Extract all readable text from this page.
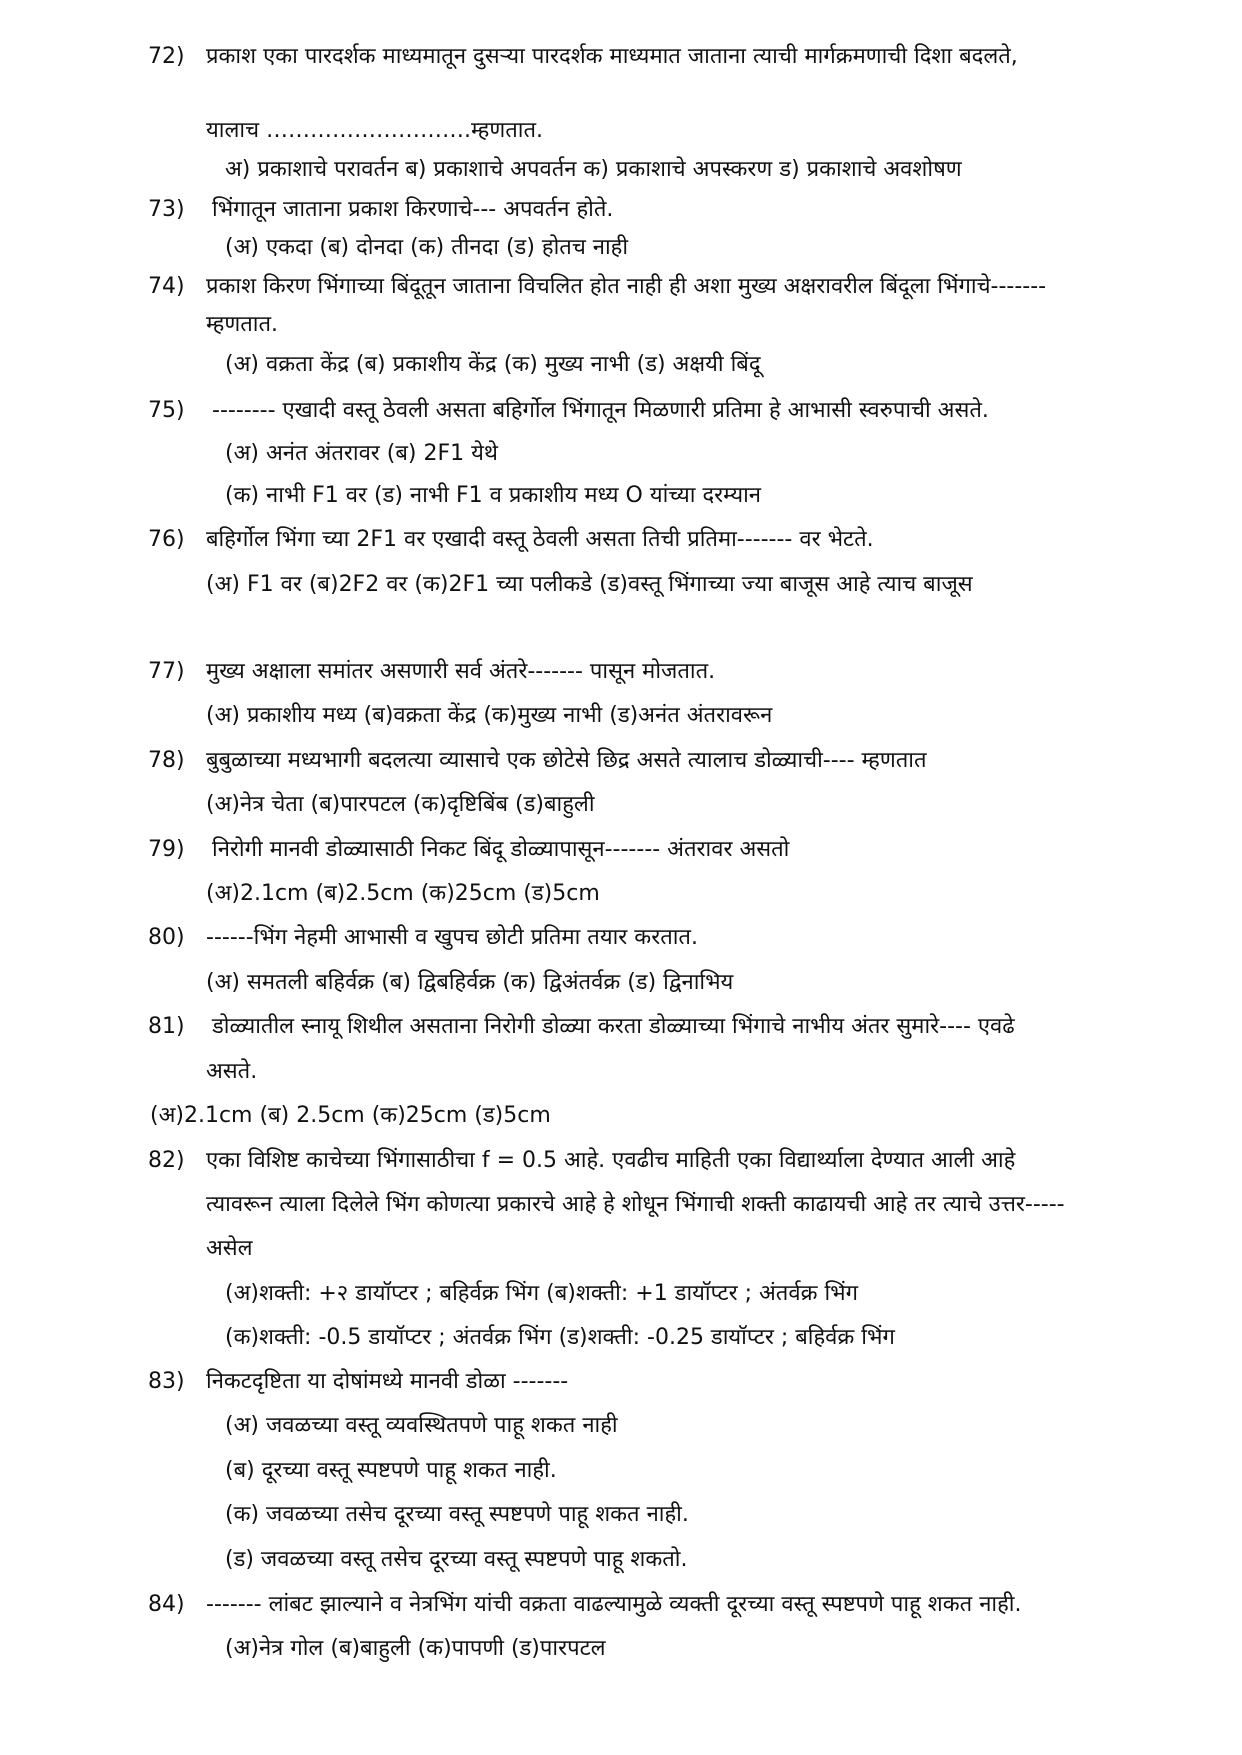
72) प्रकाश एका पारदर्शक माध्यमातून दुसऱ्या पारदर्शक माध्यमात जाताना त्याची मार्गक्रमणाची दिशा बदलते,
यालाच ……………………….म्हणतात.
अ) प्रकाशाचे परावर्तन ब) प्रकाशाचे अपवर्तन क) प्रकाशाचे अपस्करण ड) प्रकाशाचे अवशोषण
73) भिंगातून जाताना प्रकाश किरणाचे--- अपवर्तन होते.
(अ) एकदा (ब) दोनदा (क) तीनदा (ड) होतच नाही
74) प्रकाश किरण भिंगाच्या बिंदूतून जाताना विचलित होत नाही ही अशा मुख्य अक्षरावरील बिंदूला भिंगाचे-------
म्हणतात.
(अ) वक्रता केंद्र (ब) प्रकाशीय केंद्र (क) मुख्य नाभी (ड) अक्षयी बिंदू
75) -------- एखादी वस्तू ठेवली असता बहिर्गोल भिंगातून मिळणारी प्रतिमा हे आभासी स्वरुपाची असते.
(अ) अनंत अंतरावर (ब) 2F1 येथे
(क) नाभी F1 वर (ड) नाभी F1 व प्रकाशीय मध्य O यांच्या दरम्यान
76) बहिर्गोल भिंगा च्या 2F1 वर एखादी वस्तू ठेवली असता तिची प्रतिमा------- वर भेटते.
(अ) F1 वर (ब)2F2 वर (क)2F1 च्या पलीकडे (ड)वस्तू भिंगाच्या ज्या बाजूस आहे त्याच बाजूस
77) मुख्य अक्षाला समांतर असणारी सर्व अंतरे------- पासून मोजतात.
(अ) प्रकाशीय मध्य (ब)वक्रता केंद्र (क)मुख्य नाभी (ड)अनंत अंतरावरून
78) बुबुळाच्या मध्यभागी बदलत्या व्यासाचे एक छोटेसे छिद्र असते त्यालाच डोळ्याची---- म्हणतात
(अ)नेत्र चेता (ब)पारपटल (क)दृष्टिबिंब (ड)बाहुली
79) निरोगी मानवी डोळ्यासाठी निकट बिंदू डोळ्यापासून------- अंतरावर असतो
(अ)2.1cm (ब)2.5cm (क)25cm (ड)5cm
80) ------भिंग नेहमी आभासी व खुपच छोटी प्रतिमा तयार करतात.
(अ) समतली बहिर्वक्र (ब) द्विबहिर्वक्र (क) द्विअंतर्वक्र (ड) द्विनाभिय
81) डोळ्यातील स्नायू शिथील असताना निरोगी डोळ्या करता डोळ्याच्या भिंगाचे नाभीय अंतर सुमारे---- एवढे
असते.
(अ)2.1cm (ब) 2.5cm (क)25cm (ड)5cm
82) एका विशिष्ट काचेच्या भिंगासाठीचा f = 0.5 आहे. एवढीच माहिती एका विद्यार्थ्याला देण्यात आली आहे
त्यावरून त्याला दिलेले भिंग कोणत्या प्रकारचे आहे हे शोधून भिंगाची शक्ती काढायची आहे तर त्याचे उत्तर-----
असेल
(अ)शक्ती: +२ डायॉप्टर ; बहिर्वक्र भिंग (ब)शक्ती: +1 डायॉप्टर ; अंतर्वक्र भिंग
(क)शक्ती: -0.5 डायॉप्टर ; अंतर्वक्र भिंग (ड)शक्ती: -0.25 डायॉप्टर ; बहिर्वक्र भिंग
83) निकटदृष्टिता या दोषांमध्ये मानवी डोळा -------
(अ) जवळच्या वस्तू व्यवस्थितपणे पाहू शकत नाही
(ब) दूरच्या वस्तू स्पष्टपणे पाहू शकत नाही.
(क) जवळच्या तसेच दूरच्या वस्तू स्पष्टपणे पाहू शकत नाही.
(ड) जवळच्या वस्तू तसेच दूरच्या वस्तू स्पष्टपणे पाहू शकतो.
84) ------- लांबट झाल्याने व नेत्रभिंग यांची वक्रता वाढल्यामुळे व्यक्ती दूरच्या वस्तू स्पष्टपणे पाहू शकत नाही.
(अ)नेत्र गोल (ब)बाहुली (क)पापणी (ड)पारपटल
